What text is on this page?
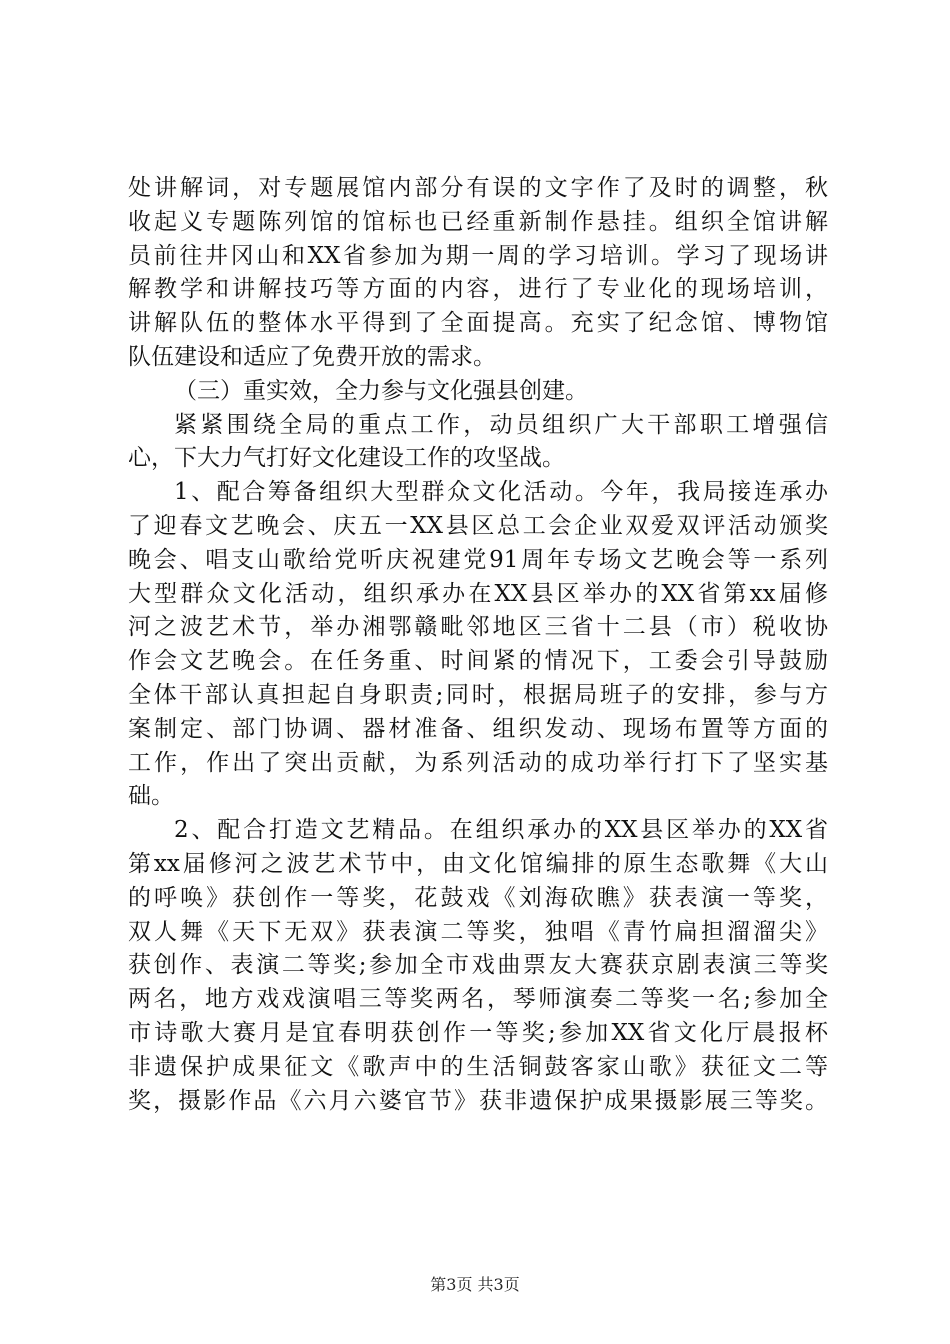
处讲解词，对专题展馆内部分有误的文字作了及时的调整，秋
收起义专题陈列馆的馆标也已经重新制作悬挂。组织全馆讲解
员前往井冈山和XX省参加为期一周的学习培训。学习了现场讲
解教学和讲解技巧等方面的内容，进行了专业化的现场培训，
讲解队伍的整体水平得到了全面提高。充实了纪念馆、博物馆
队伍建设和适应了免费开放的需求。
（三）重实效，全力参与文化强县创建。
紧紧围绕全局的重点工作，动员组织广大干部职工增强信
心，下大力气打好文化建设工作的攻坚战。
1、配合筹备组织大型群众文化活动。今年，我局接连承办
了迎春文艺晚会、庆五一XX县区总工会企业双爱双评活动颁奖
晚会、唱支山歌给党听庆祝建党91周年专场文艺晚会等一系列
大型群众文化活动，组织承办在XX县区举办的XX省第xx届修
河之波艺术节，举办湘鄂赣毗邻地区三省十二县（市）税收协
作会文艺晚会。在任务重、时间紧的情况下，工委会引导鼓励
全体干部认真担起自身职责;同时，根据局班子的安排，参与方
案制定、部门协调、器材准备、组织发动、现场布置等方面的
工作，作出了突出贡献，为系列活动的成功举行打下了坚实基
础。
2、配合打造文艺精品。在组织承办的XX县区举办的XX省
第xx届修河之波艺术节中，由文化馆编排的原生态歌舞《大山
的呼唤》获创作一等奖，花鼓戏《刘海砍瞧》获表演一等奖，
双人舞《天下无双》获表演二等奖，独唱《青竹扁担溜溜尖》
获创作、表演二等奖;参加全市戏曲票友大赛获京剧表演三等奖
两名，地方戏戏演唱三等奖两名，琴师演奏二等奖一名;参加全
市诗歌大赛月是宜春明获创作一等奖;参加XX省文化厅晨报杯
非遗保护成果征文《歌声中的生活铜鼓客家山歌》获征文二等
奖，摄影作品《六月六婆官节》获非遗保护成果摄影展三等奖。
第3页 共3页
